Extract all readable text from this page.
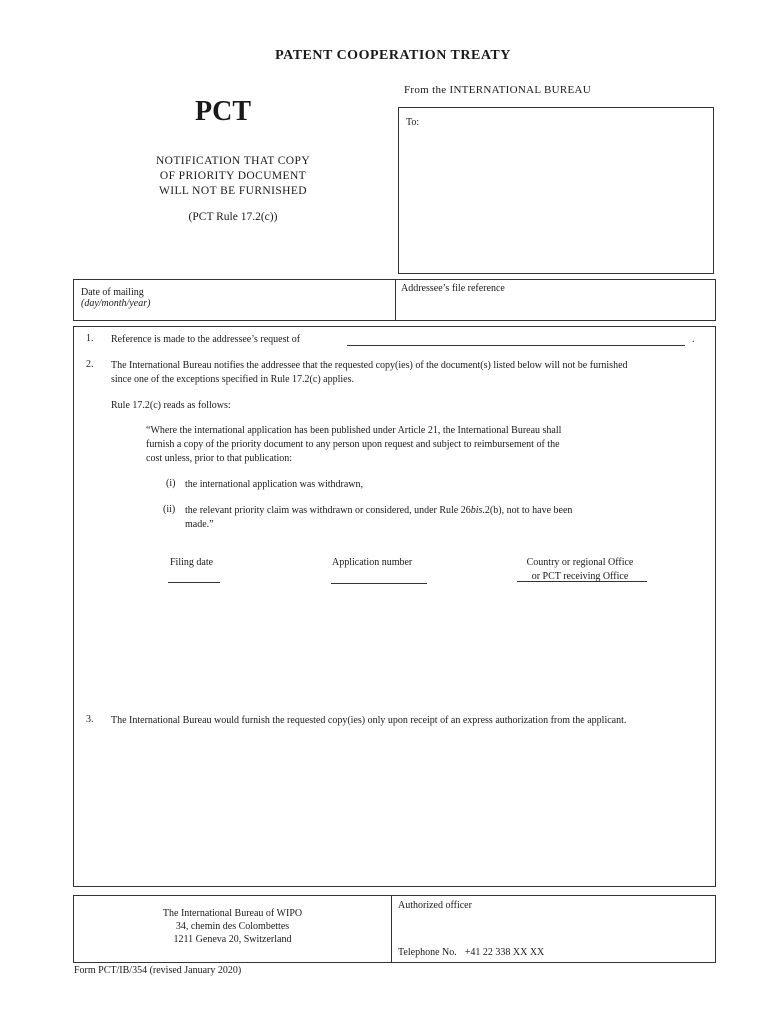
PATENT COOPERATION TREATY
From the INTERNATIONAL BUREAU
To:
PCT
NOTIFICATION THAT COPY
OF PRIORITY DOCUMENT
WILL NOT BE FURNISHED
(PCT Rule 17.2(c))
Date of mailing
(day/month/year)
Addressee’s file reference
1. Reference is made to the addressee’s request of	.
2. The International Bureau notifies the addressee that the requested copy(ies) of the document(s) listed below will not be furnished
since one of the exceptions specified in Rule 17.2(c) applies.
Rule 17.2(c) reads as follows:
“Where the international application has been published under Article 21, the International Bureau shall
furnish a copy of the priority document to any person upon request and subject to reimbursement of the
cost unless, prior to that publication:
(i) the international application was withdrawn,
(ii) the relevant priority claim was withdrawn or considered, under Rule 26bis.2(b), not to have been
made.”
Filing date	Application number	Country or regional Office
or PCT receiving Office
3. The International Bureau would furnish the requested copy(ies) only upon receipt of an express authorization from the applicant.
The International Bureau of WIPO
34, chemin des Colombettes
1211 Geneva 20, Switzerland
Authorized officer
Telephone No. +41 22 338 XX XX
Form PCT/IB/354 (revised January 2020)
